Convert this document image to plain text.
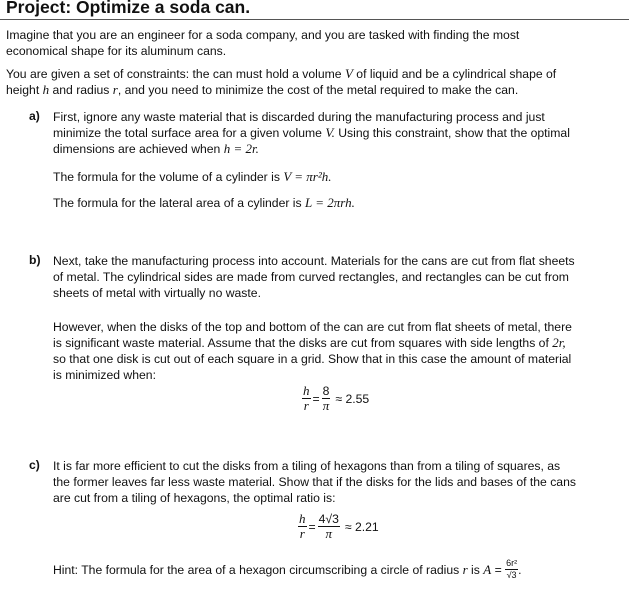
Project: Optimize a soda can.

Imagine that you are an engineer for a soda company, and you are tasked with finding the most

economical shape for its aluminum cans.

You are given a set of constraints: the can must hold a volume V of liquid and be a cylindrical shape of

height h and radius r, and you need to minimize the cost of the metal required to make the can.

a) First, ignore any waste material that is discarded during the manufacturing process and just

minimize the total surface area for a given volume V. Using this constraint, show that the optimal

dimensions are achieved when h = 2r.

The formula for the volume of a cylinder is V = πr²h.

The formula for the lateral area of a cylinder is L = 2πrh.

b) Next, take the manufacturing process into account. Materials for the cans are cut from flat sheets

of metal. The cylindrical sides are made from curved rectangles, and rectangles can be cut from

sheets of metal with virtually no waste.

However, when the disks of the top and bottom of the can are cut from flat sheets of metal, there

is significant waste material. Assume that the disks are cut from squares with side lengths of 2r,

so that one disk is cut out of each square in a grid. Show that in this case the amount of material

is minimized when:

$\frac{h}{r} = \frac{8}{\pi} \approx 2.55$
c) It is far more efficient to cut the disks from a tiling of hexagons than from a tiling of squares, as

the former leaves far less waste material. Show that if the disks for the lids and bases of the cans

are cut from a tiling of hexagons, the optimal ratio is:

$\frac{h}{r} = \frac{4√3}{\pi} \approx 2.21$
Hint: The formula for the area of a hexagon circumscribing a circle of radius r is $A = \frac{\text{6r²}}{√3}$ .
